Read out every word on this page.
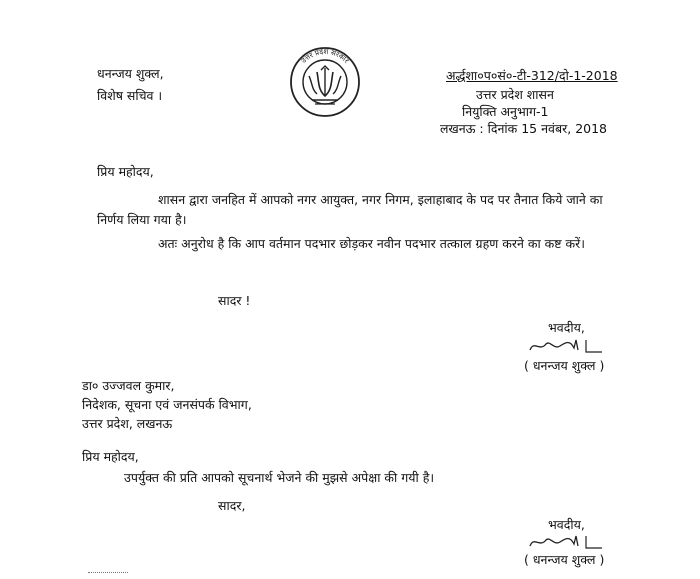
धनन्जय शुक्ल,
विशेष सचिव ।
उत्तर प्रदेश सरकार
अर्द्धशा०प०सं०-टी-312/दो-1-2018
उत्तर प्रदेश शासन
नियुक्ति अनुभाग-1
लखनऊ : दिनांक 15 नवंबर, 2018
प्रिय महोदय,
शासन द्वारा जनहित में आपको नगर आयुक्त, नगर निगम, इलाहाबाद के पद पर तैनात किये जाने का
निर्णय लिया गया है।
अतः अनुरोध है कि आप वर्तमान पदभार छोड़कर नवीन पदभार तत्काल ग्रहण करने का कष्ट करें।
सादर !
भवदीय,
( धनन्जय शुक्ल )
डा० उज्जवल कुमार,
निदेशक, सूचना एवं जनसंपर्क विभाग,
उत्तर प्रदेश, लखनऊ
प्रिय महोदय,
उपर्युक्त की प्रति आपको सूचनार्थ भेजने की मुझसे अपेक्षा की गयी है।
सादर,
भवदीय,
( धनन्जय शुक्ल )
